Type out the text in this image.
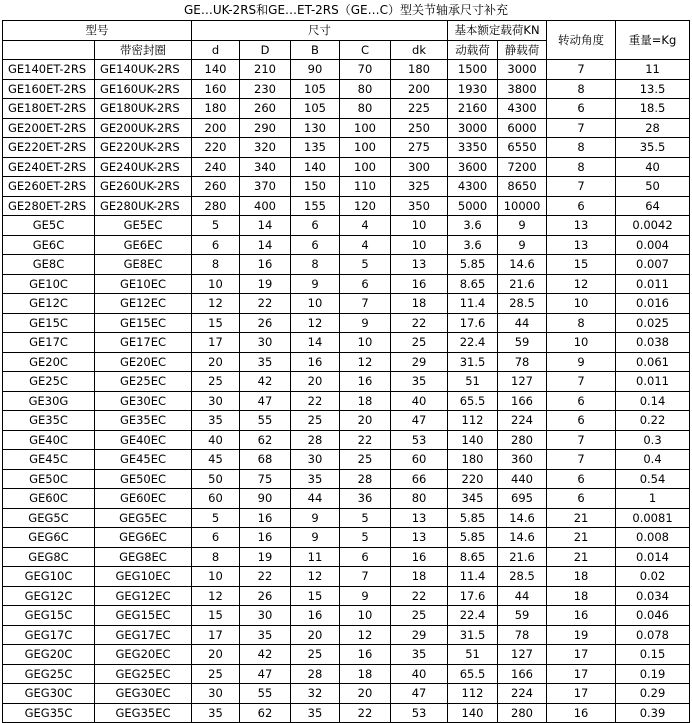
GE…UK-2RS和GE…ET-2RS（GE…C）型关节轴承尺寸补充
型号		尺寸					基本额定载荷KN		转动角度	重量=Kg
	带密封圈	d	D	B	C	dk	动载荷	静载荷		
GE140ET-2RS	GE140UK-2RS	140	210	90	70	180	1500	3000	7	11
GE160ET-2RS	GE160UK-2RS	160	230	105	80	200	1930	3800	8	13.5
GE180ET-2RS	GE180UK-2RS	180	260	105	80	225	2160	4300	6	18.5
GE200ET-2RS	GE200UK-2RS	200	290	130	100	250	3000	6000	7	28
GE220ET-2RS	GE220UK-2RS	220	320	135	100	275	3350	6550	8	35.5
GE240ET-2RS	GE240UK-2RS	240	340	140	100	300	3600	7200	8	40
GE260ET-2RS	GE260UK-2RS	260	370	150	110	325	4300	8650	7	50
GE280ET-2RS	GE280UK-2RS	280	400	155	120	350	5000	10000	6	64
GE5C	GE5EC	5	14	6	4	10	3.6	9	13	0.0042
GE6C	GE6EC	6	14	6	4	10	3.6	9	13	0.004
GE8C	GE8EC	8	16	8	5	13	5.85	14.6	15	0.007
GE10C	GE10EC	10	19	9	6	16	8.65	21.6	12	0.011
GE12C	GE12EC	12	22	10	7	18	11.4	28.5	10	0.016
GE15C	GE15EC	15	26	12	9	22	17.6	44	8	0.025
GE17C	GE17EC	17	30	14	10	25	22.4	59	10	0.038
GE20C	GE20EC	20	35	16	12	29	31.5	78	9	0.061
GE25C	GE25EC	25	42	20	16	35	51	127	7	0.011
GE30G	GE30EC	30	47	22	18	40	65.5	166	6	0.14
GE35C	GE35EC	35	55	25	20	47	112	224	6	0.22
GE40C	GE40EC	40	62	28	22	53	140	280	7	0.3
GE45C	GE45EC	45	68	30	25	60	180	360	7	0.4
GE50C	GE50EC	50	75	35	28	66	220	440	6	0.54
GE60C	GE60EC	60	90	44	36	80	345	695	6	1
GEG5C	GEG5EC	5	16	9	5	13	5.85	14.6	21	0.0081
GEG6C	GEG6EC	6	16	9	5	13	5.85	14.6	21	0.008
GEG8C	GEG8EC	8	19	11	6	16	8.65	21.6	21	0.014
GEG10C	GEG10EC	10	22	12	7	18	11.4	28.5	18	0.02
GEG12C	GEG12EC	12	26	15	9	22	17.6	44	18	0.034
GEG15C	GEG15EC	15	30	16	10	25	22.4	59	16	0.046
GEG17C	GEG17EC	17	35	20	12	29	31.5	78	19	0.078
GEG20C	GEG20EC	20	42	25	16	35	51	127	17	0.15
GEG25C	GEG25EC	25	47	28	18	40	65.5	166	17	0.19
GEG30C	GEG30EC	30	55	32	20	47	112	224	17	0.29
GEG35C	GEG35EC	35	62	35	22	53	140	280	16	0.39
